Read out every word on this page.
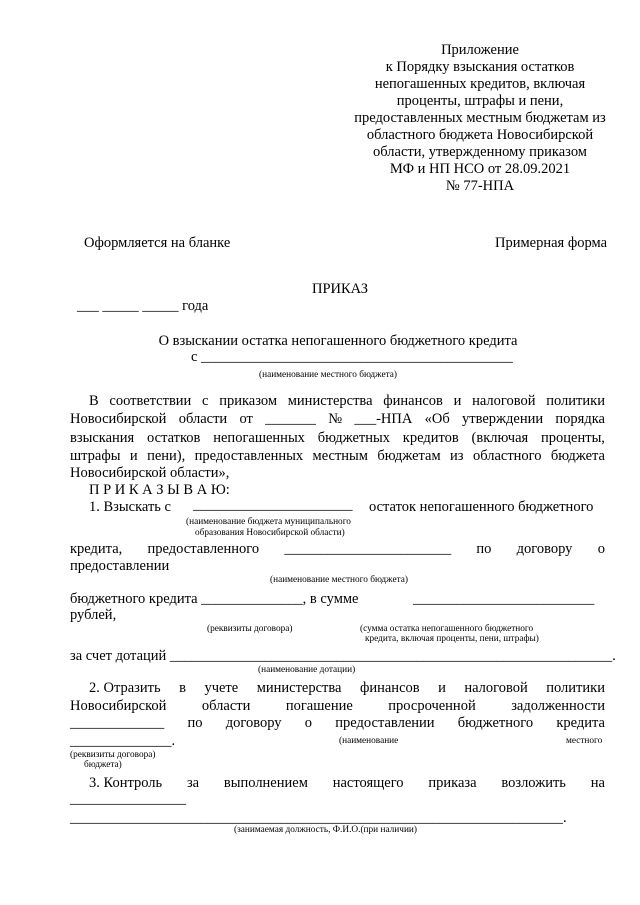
Приложение
к Порядку взыскания остатков
непогашенных кредитов, включая
проценты, штрафы и пени,
предоставленных местным бюджетам из
областного бюджета Новосибирской
области, утвержденному приказом
МФ и НП НСО от 28.09.2021
№ 77-НПА
Оформляется на бланке	Примерная форма
ПРИКАЗ
___ _____ _____ года
О взыскании остатка непогашенного бюджетного кредита
с ___________________________________________
(наименование местного бюджета)
В соответствии с приказом министерства финансов и налоговой политики
Новосибирской области от _______ № ___-НПА «Об утверждении порядка
взыскания остатков непогашенных бюджетных кредитов (включая проценты,
штрафы и пени), предоставленных местным бюджетам из областного бюджета
Новосибирской области»,
П Р И К А З Ы В А Ю:
1. Взыскать с ______________________ остаток непогашенного бюджетного
(наименование бюджета муниципального
образования Новосибирской области)
кредита, предоставленного _______________________ по договору о
предоставлении
(наименование местного бюджета)
бюджетного кредита ______________, в сумме	_________________________
рублей,
(реквизиты договора)	(сумма остатка непогашенного бюджетного
кредита, включая проценты, пени, штрафы)
за счет дотаций _____________________________________________________________.
(наименование дотации)
2. Отразить в учете министерства финансов и налоговой политики
Новосибирской области погашение просроченной задолженности
_____________ по договору о предоставлении бюджетного кредита
______________.	(наименование	местного
(реквизиты договора)
бюджета)
3. Контроль за выполнением настоящего приказа возложить на
________________
____________________________________________________________________.
(занимаемая должность, Ф.И.О.(при наличии)
